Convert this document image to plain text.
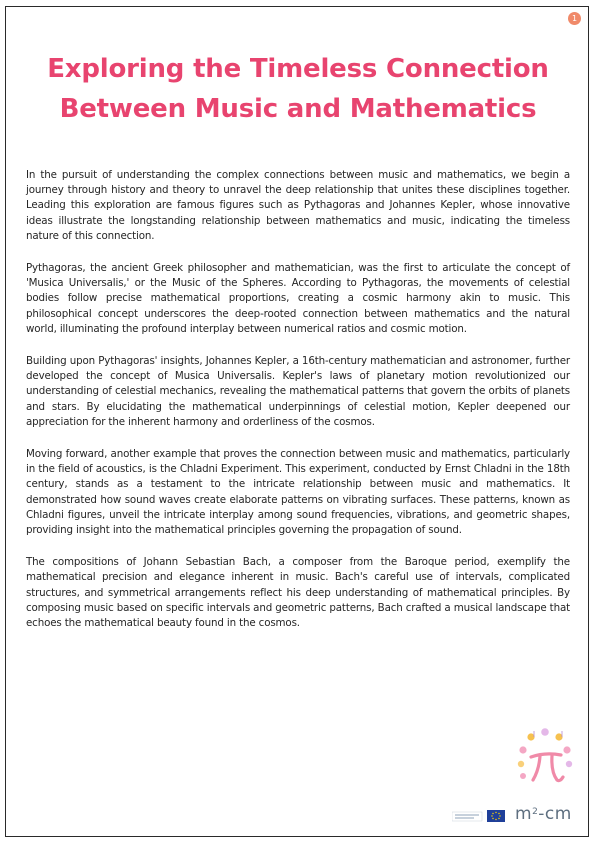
1
Exploring the Timeless Connection
Between Music and Mathematics

In the pursuit of understanding the complex connections between music and mathematics, we begin a journey through history and theory to unravel the deep relationship that unites these disciplines together. Leading this exploration are famous figures such as Pythagoras and Johannes Kepler, whose innovative ideas illustrate the longstanding relationship between mathematics and music, indicating the timeless nature of this connection.

Pythagoras, the ancient Greek philosopher and mathematician, was the first to articulate the concept of 'Musica Universalis,' or the Music of the Spheres. According to Pythagoras, the movements of celestial bodies follow precise mathematical proportions, creating a cosmic harmony akin to music. This philosophical concept underscores the deep-rooted connection between mathematics and the natural world, illuminating the profound interplay between numerical ratios and cosmic motion.

Building upon Pythagoras' insights, Johannes Kepler, a 16th-century mathematician and astronomer, further developed the concept of Musica Universalis. Kepler's laws of planetary motion revolutionized our understanding of celestial mechanics, revealing the mathematical patterns that govern the orbits of planets and stars. By elucidating the mathematical underpinnings of celestial motion, Kepler deepened our appreciation for the inherent harmony and orderliness of the cosmos.

Moving forward, another example that proves the connection between music and mathematics, particularly in the field of acoustics, is the Chladni Experiment. This experiment, conducted by Ernst Chladni in the 18th century, stands as a testament to the intricate relationship between music and mathematics. It demonstrated how sound waves create elaborate patterns on vibrating surfaces. These patterns, known as Chladni figures, unveil the intricate interplay among sound frequencies, vibrations, and geometric shapes, providing insight into the mathematical principles governing the propagation of sound.

The compositions of Johann Sebastian Bach, a composer from the Baroque period, exemplify the mathematical precision and elegance inherent in music. Bach's careful use of intervals, complicated structures, and symmetrical arrangements reflect his deep understanding of mathematical principles. By composing music based on specific intervals and geometric patterns, Bach crafted a musical landscape that echoes the mathematical beauty found in the cosmos.

$m^2-cm$
